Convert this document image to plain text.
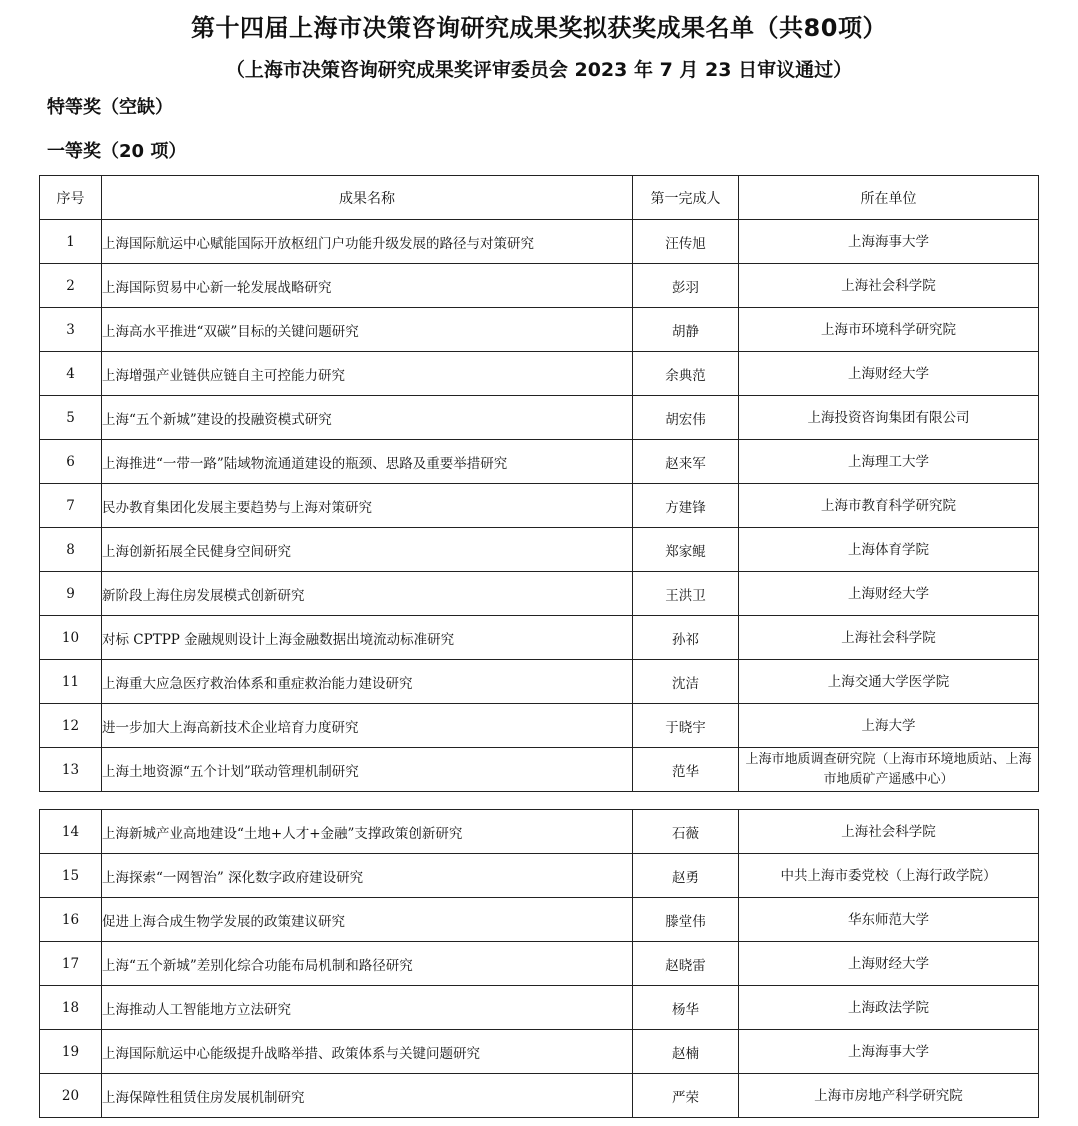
第十四届上海市决策咨询研究成果奖拟获奖成果名单（共80项）
（上海市决策咨询研究成果奖评审委员会 2023 年 7 月 23 日审议通过）
特等奖（空缺）
一等奖（20 项）
序号	成果名称	第一完成人	所在单位
1	上海国际航运中心赋能国际开放枢纽门户功能升级发展的路径与对策研究	汪传旭	上海海事大学
2	上海国际贸易中心新一轮发展战略研究	彭羽	上海社会科学院
3	上海高水平推进“双碳”目标的关键问题研究	胡静	上海市环境科学研究院
4	上海增强产业链供应链自主可控能力研究	余典范	上海财经大学
5	上海“五个新城”建设的投融资模式研究	胡宏伟	上海投资咨询集团有限公司
6	上海推进“一带一路”陆域物流通道建设的瓶颈、思路及重要举措研究	赵来军	上海理工大学
7	民办教育集团化发展主要趋势与上海对策研究	方建锋	上海市教育科学研究院
8	上海创新拓展全民健身空间研究	郑家鲲	上海体育学院
9	新阶段上海住房发展模式创新研究	王洪卫	上海财经大学
10	对标 CPTPP 金融规则设计上海金融数据出境流动标准研究	孙祁	上海社会科学院
11	上海重大应急医疗救治体系和重症救治能力建设研究	沈洁	上海交通大学医学院
12	进一步加大上海高新技术企业培育力度研究	于晓宇	上海大学
13	上海土地资源“五个计划”联动管理机制研究	范华	上海市地质调查研究院（上海市环境地质站、上海市地质矿产遥感中心）
14	上海新城产业高地建设“土地+人才+金融”支撑政策创新研究	石薇	上海社会科学院
15	上海探索“一网智治” 深化数字政府建设研究	赵勇	中共上海市委党校（上海行政学院）
16	促进上海合成生物学发展的政策建议研究	滕堂伟	华东师范大学
17	上海“五个新城”差别化综合功能布局机制和路径研究	赵晓雷	上海财经大学
18	上海推动人工智能地方立法研究	杨华	上海政法学院
19	上海国际航运中心能级提升战略举措、政策体系与关键问题研究	赵楠	上海海事大学
20	上海保障性租赁住房发展机制研究	严荣	上海市房地产科学研究院
